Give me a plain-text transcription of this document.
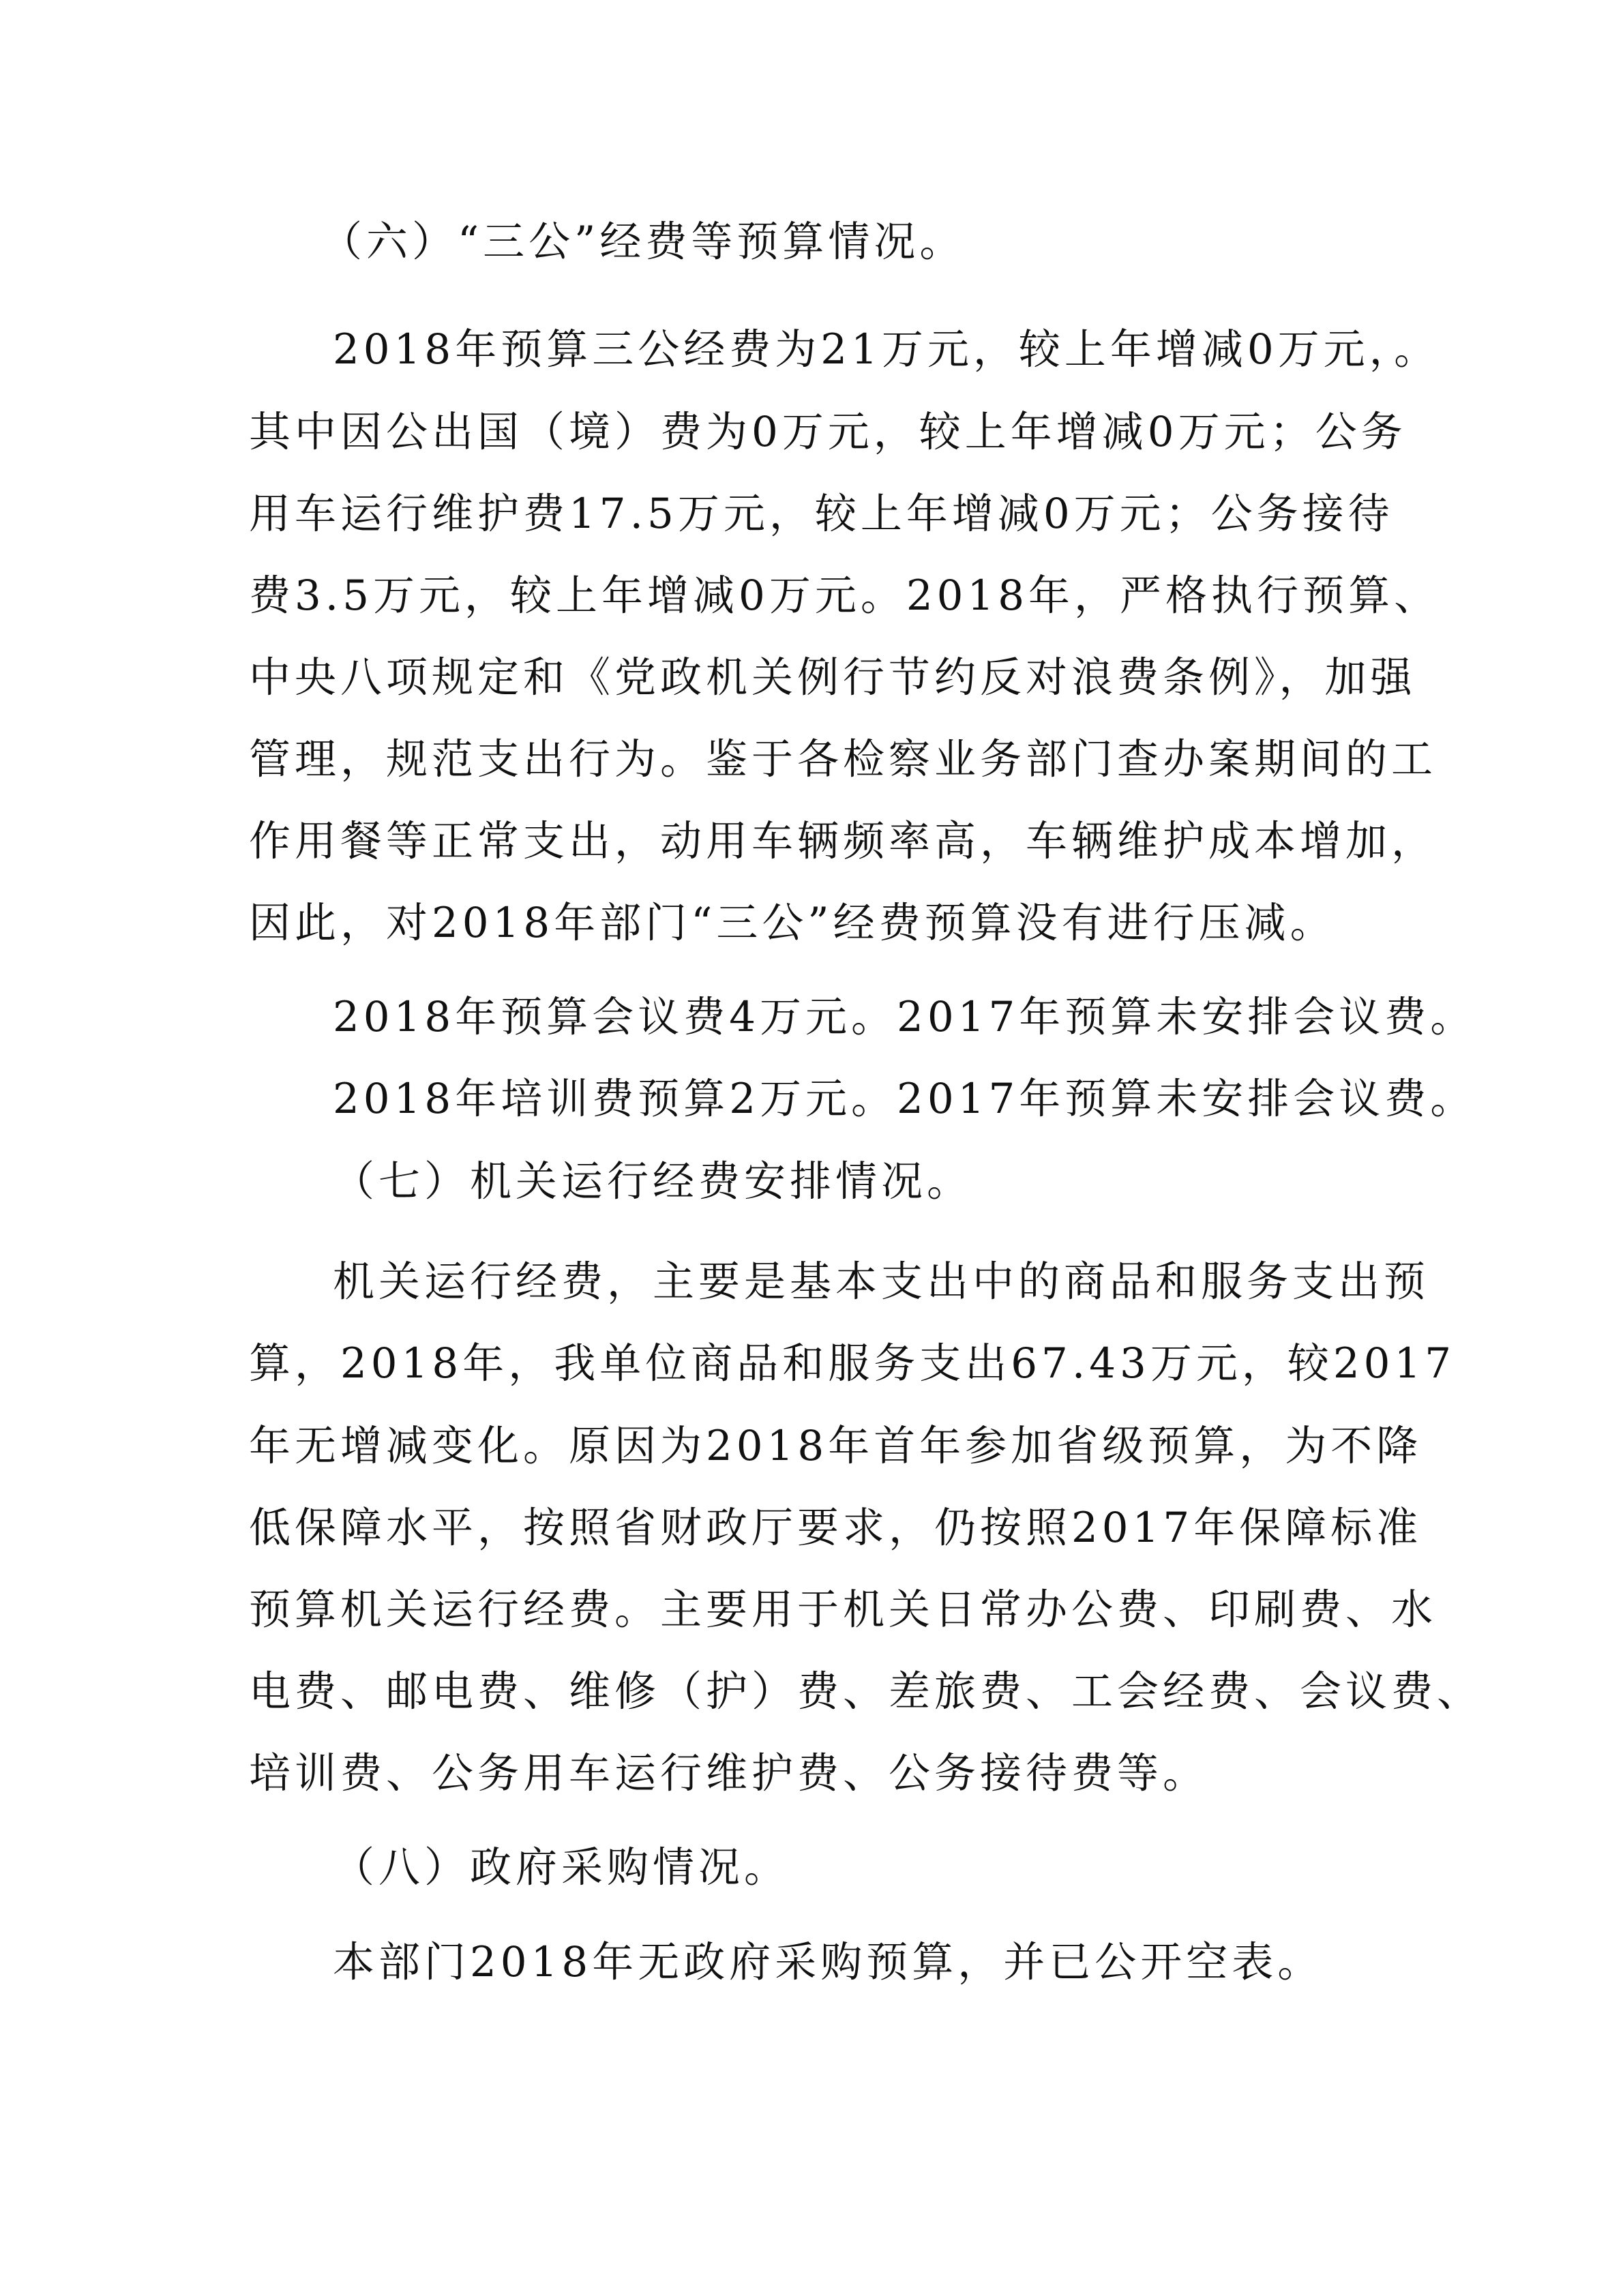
（六）“三公”经费等预算情况。
2018年预算三公经费为21万元，较上年增减0万元，。
其中因公出国（境）费为0万元，较上年增减0万元；公务
用车运行维护费17.5万元，较上年增减0万元；公务接待
费3.5万元，较上年增减0万元。2018年，严格执行预算、
中央八项规定和《党政机关例行节约反对浪费条例》，加强
管理，规范支出行为。鉴于各检察业务部门查办案期间的工
作用餐等正常支出，动用车辆频率高，车辆维护成本增加，
因此，对2018年部门“三公”经费预算没有进行压减。
2018年预算会议费4万元。2017年预算未安排会议费。
2018年培训费预算2万元。2017年预算未安排会议费。
（七）机关运行经费安排情况。
机关运行经费，主要是基本支出中的商品和服务支出预
算，2018年，我单位商品和服务支出67.43万元，较2017
年无增减变化。原因为2018年首年参加省级预算，为不降
低保障水平，按照省财政厅要求，仍按照2017年保障标准
预算机关运行经费。主要用于机关日常办公费、印刷费、水
电费、邮电费、维修（护）费、差旅费、工会经费、会议费、
培训费、公务用车运行维护费、公务接待费等。
（八）政府采购情况。
本部门2018年无政府采购预算，并已公开空表。
